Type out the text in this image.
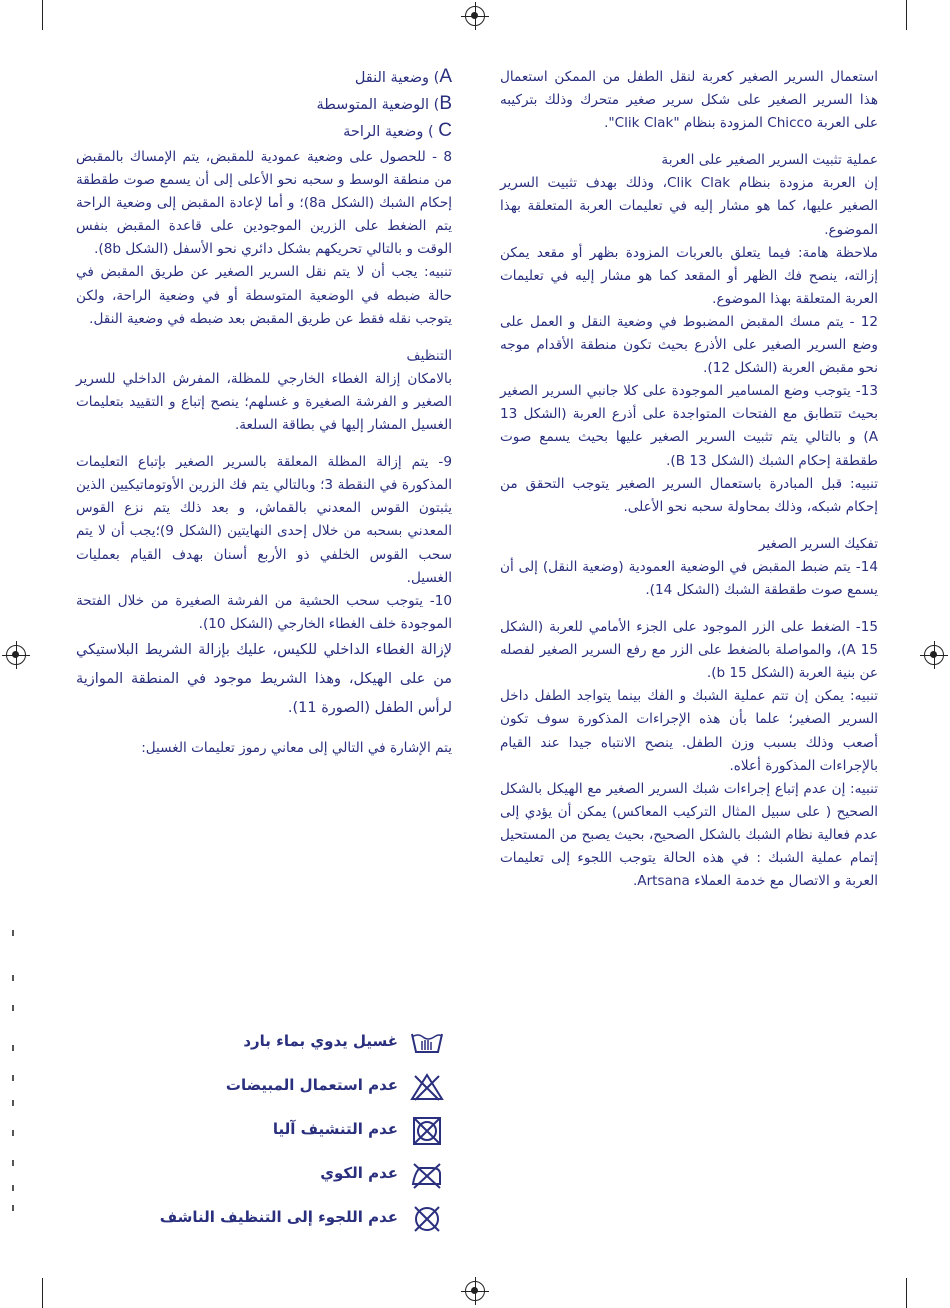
A) وضعية النقل
B) الوضعية المتوسطة
C ) وضعية الراحة

8 - للحصول على وضعية عمودية للمقبض، يتم الإمساك بالمقبض من منطقة الوسط و سحبه نحو الأعلى إلى أن يسمع صوت طقطقة إحكام الشبك (الشكل 8a)؛ و أما لإعادة المقبض إلى وضعية الراحة يتم الضغط على الزرين الموجودين على قاعدة المقبض بنفس الوقت و بالتالي تحريكهم بشكل دائري نحو الأسفل (الشكل 8b).

تنبيه: يجب أن لا يتم نقل السرير الصغير عن طريق المقبض في حالة ضبطه في الوضعية المتوسطة أو في وضعية الراحة، ولكن يتوجب نقله فقط عن طريق المقبض بعد ضبطه في وضعية النقل.

التنظيف

بالامكان إزالة الغطاء الخارجي للمظلة، المفرش الداخلي للسرير الصغير و الفرشة الصغيرة و غسلهم؛ ينصح إتباع و التقييد بتعليمات الغسيل المشار إليها في بطاقة السلعة.

9- يتم إزالة المظلة المعلقة بالسرير الصغير بإتباع التعليمات المذكورة في النقطة 3؛ وبالتالي يتم فك الزرين الأوتوماتيكيين الذين يثبتون القوس المعدني بالقماش، و بعد ذلك يتم نزع القوس المعدني بسحبه من خلال إحدى النهايتين (الشكل 9)؛يجب أن لا يتم سحب القوس الخلفي ذو الأربع أسنان بهدف القيام بعمليات الغسيل.

10- يتوجب سحب الحشية من الفرشة الصغيرة من خلال الفتحة الموجودة خلف الغطاء الخارجي (الشكل 10).

لإزالة الغطاء الداخلي للكيس، عليك بإزالة الشريط البلاستيكي من على الهيكل، وهذا الشريط موجود في المنطقة الموازية لرأس الطفل (الصورة 11).

يتم الإشارة في التالي إلى معاني رموز تعليمات الغسيل:

غسيل يدوي بماء بارد
عدم استعمال المبيضات
عدم التنشيف آليا
عدم الكوي
عدم اللجوء إلى التنظيف الناشف

استعمال السرير الصغير كعربة لنقل الطفل من الممكن استعمال هذا السرير الصغير على شكل سرير صغير متحرك وذلك بتركيبه على العربة Chicco المزودة بنظام "Clik Clak".

عملية تثبيت السرير الصغير على العربة

إن العربة مزودة بنظام Clik Clak، وذلك بهدف تثبيت السرير الصغير عليها، كما هو مشار إليه في تعليمات العربة المتعلقة بهذا الموضوع.

ملاحظة هامة: فيما يتعلق بالعربات المزودة بظهر أو مقعد يمكن إزالته، ينصح فك الظهر أو المقعد كما هو مشار إليه في تعليمات العربة المتعلقة بهذا الموضوع.

12 - يتم مسك المقبض المضبوط في وضعية النقل و العمل على وضع السرير الصغير على الأذرع بحيث تكون منطقة الأقدام موجه نحو مقبض العربة (الشكل 12).

13- يتوجب وضع المسامير الموجودة على كلا جانبي السرير الصغير بحيث تتطابق مع الفتحات المتواجدة على أذرع العربة (الشكل 13 A) و بالتالي يتم تثبيت السرير الصغير عليها بحيث يسمع صوت طقطقة إحكام الشبك (الشكل 13 B).

تنبيه: قبل المبادرة باستعمال السرير الصغير يتوجب التحقق من إحكام شبكه، وذلك بمحاولة سحبه نحو الأعلى.

تفكيك السرير الصغير

14- يتم ضبط المقبض في الوضعية العمودية (وضعية النقل) إلى أن يسمع صوت طقطقة الشبك (الشكل 14).

15- الضغط على الزر الموجود على الجزء الأمامي للعربة (الشكل 15 A)، والمواصلة بالضغط على الزر مع رفع السرير الصغير لفصله عن بنية العربة (الشكل 15 b).

تنبيه: يمكن إن تتم عملية الشبك و الفك بينما يتواجد الطفل داخل السرير الصغير؛ علما بأن هذه الإجراءات المذكورة سوف تكون أصعب وذلك بسبب وزن الطفل. ينصح الانتباه جيدا عند القيام بالإجراءات المذكورة أعلاه.

تنبيه: إن عدم إتباع إجراءات شبك السرير الصغير مع الهيكل بالشكل الصحيح ( على سبيل المثال التركيب المعاكس) يمكن أن يؤدي إلى عدم فعالية نظام الشبك بالشكل الصحيح، بحيث يصبح من المستحيل إتمام عملية الشبك : في هذه الحالة يتوجب اللجوء إلى تعليمات العربة و الاتصال مع خدمة العملاء Artsana.
